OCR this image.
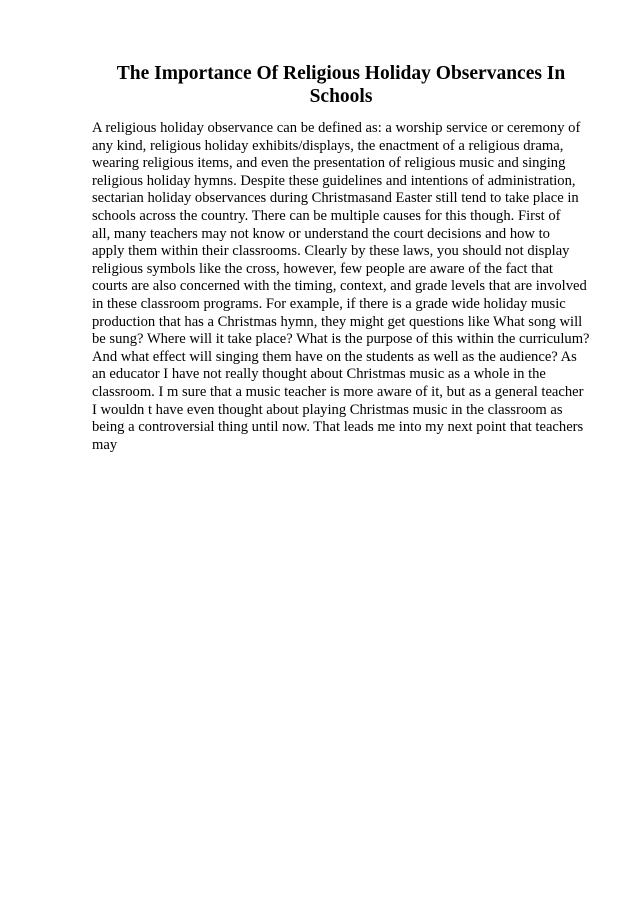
The Importance Of Religious Holiday Observances In
Schools
A religious holiday observance can be defined as: a worship service or ceremony of
any kind, religious holiday exhibits/displays, the enactment of a religious drama,
wearing religious items, and even the presentation of religious music and singing
religious holiday hymns. Despite these guidelines and intentions of administration,
sectarian holiday observances during Christmasand Easter still tend to take place in
schools across the country. There can be multiple causes for this though. First of
all, many teachers may not know or understand the court decisions and how to
apply them within their classrooms. Clearly by these laws, you should not display
religious symbols like the cross, however, few people are aware of the fact that
courts are also concerned with the timing, context, and grade levels that are involved
in these classroom programs. For example, if there is a grade wide holiday music
production that has a Christmas hymn, they might get questions like What song will
be sung? Where will it take place? What is the purpose of this within the curriculum?
And what effect will singing them have on the students as well as the audience? As
an educator I have not really thought about Christmas music as a whole in the
classroom. I m sure that a music teacher is more aware of it, but as a general teacher
I wouldn t have even thought about playing Christmas music in the classroom as
being a controversial thing until now. That leads me into my next point that teachers
may
